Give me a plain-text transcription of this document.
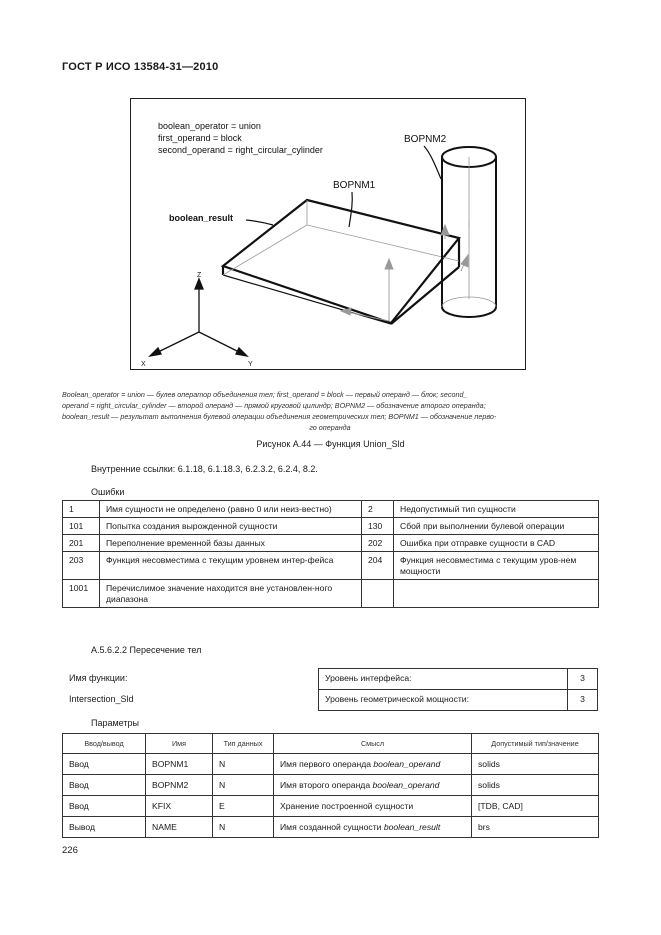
ГОСТ Р ИСО 13584-31—2010
boolean_operator = union
first_operand = block
second_operand = right_circular_cylinder
BOPNM2
BOPNM1
boolean_result
Z
X	Y
Boolean_operator = union — булев оператор объединения тел; first_operand = block — первый операнд — блок; second_
operand = right_circular_cylinder — второй операнд — прямой круговой цилиндр; BOPNM2 — обозначение второго операнда;
boolean_result — результат выполнения булевой операции объединения геометрических тел; BOPNM1 — обозначение перво-
го операнда
Рисунок А.44 — Функция Union_Sld
Внутренние ссылки: 6.1.18, 6.1.18.3, 6.2.3.2, 6.2.4, 8.2.
Ошибки
1	Имя сущности не определено (равно 0 или неиз-вестно)	2	Недопустимый тип сущности
101	Попытка создания вырожденной сущности	130	Сбой при выполнении булевой операции
201	Переполнение временной базы данных	202	Ошибка при отправке сущности в CAD
203	Функция несовместима с текущим уровнем интер-фейса	204	Функция несовместима с текущим уров-нем мощности
1001	Перечислимое значение находится вне установлен-ного диапазона		
А.5.6.2.2 Пересечение тел
Имя функции:
Intersection_Sld
Уровень интерфейса:	3
Уровень геометрической мощности:	3
Параметры
Ввод/вывод	Имя	Тип данных	Смысл	Допустимый тип/значение
Ввод	BOPNM1	N	Имя первого операнда boolean_operand	solids
Ввод	BOPNM2	N	Имя второго операнда boolean_operand	solids
Ввод	KFIX	E	Хранение построенной сущности	[TDB, CAD]
Вывод	NAME	N	Имя созданной сущности boolean_result	brs
226
